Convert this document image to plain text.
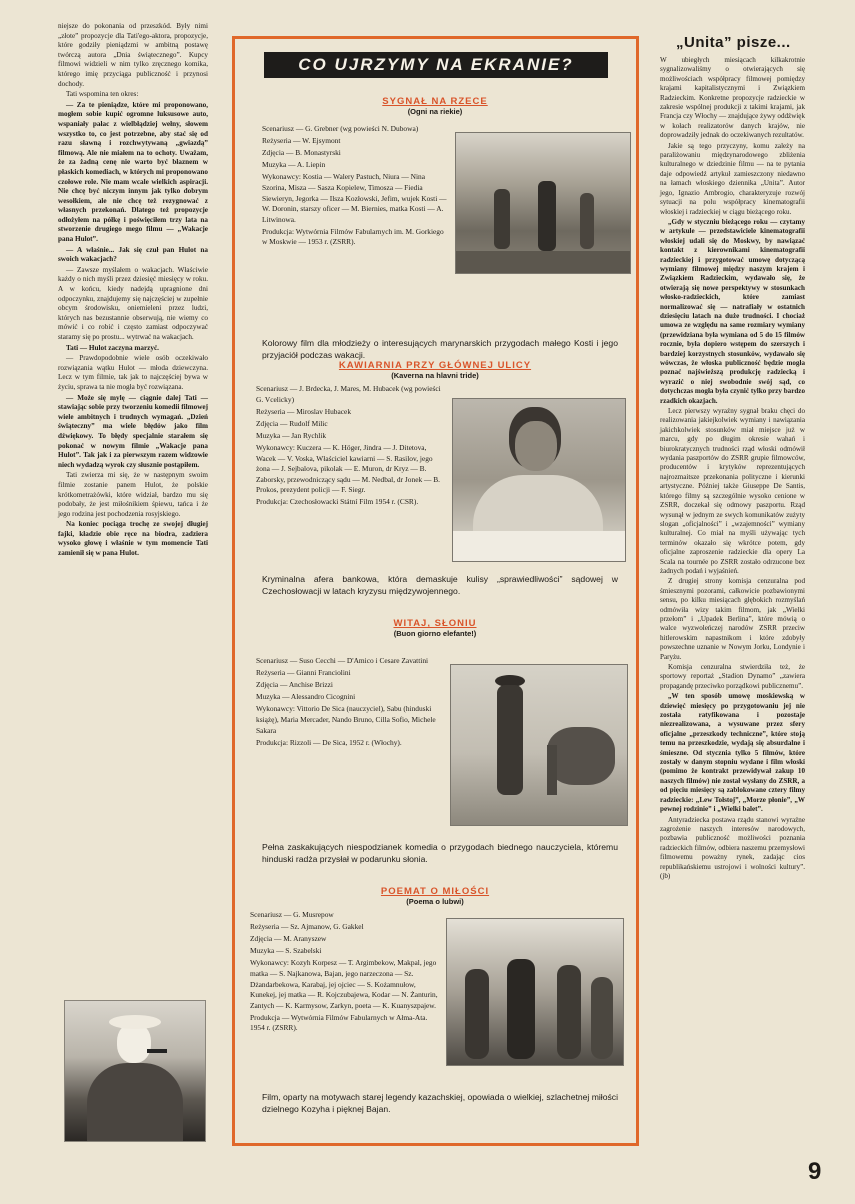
niejsze do pokonania od przeszkód. Były nimi „złote” propozycje dla Tati'ego-aktora, propozycje, które godziły pieniądzmi w ambitną postawę twórczą autora „Dnia świątecznego”. Kupcy filmowi widzieli w nim tylko zręcznego komika, którego imię przyciąga publiczność i przynosi dochody.

Tati wspomina ten okres:

— Za te pieniądze, które mi proponowano, mogłem sobie kupić ogromne luksusowe auto, wspaniały pałac z wielbłądziej wełny, słowem wszystko to, co jest potrzebne, aby stać się od razu sławną i rozchwytywaną „gwiazdą” filmową. Ale nie miałem na to ochoty. Uważam, że za żadną cenę nie warto być błaznem w płaskich komediach, w których mi proponowano czołowe role. Nie mam wcale wielkich aspiracji. Nie chcę być niczym innym jak tylko dobrym wesołkiem, ale nie chcę też rezygnować z własnych przekonań. Dlatego też propozycje odłożyłem na półkę i poświęciłem trzy lata na stworzenie drugiego mego filmu — „Wakacje pana Hulot”.

— A właśnie... Jak się czuł pan Hulot na swoich wakacjach?

— Zawsze myślałem o wakacjach. Właściwie każdy o nich myśli przez dziesięć miesięcy w roku. A w końcu, kiedy nadejdą upragnione dni odpoczynku, znajdujemy się najczęściej w zupełnie obcym środowisku, oniemieleni przez ludzi, których nas bezustannie obserwują, nie wiemy co mówić i co robić i często zamiast odpoczywać staramy się po prostu... wytrwać na wakacjach.

Tati — Hulot zaczyna marzyć.

— Prawdopodobnie wiele osób oczekiwało rozwiązania wątku Hulot — młoda dziewczyna. Lecz w tym filmie, tak jak to najczęściej bywa w życiu, sprawa ta nie mogła być rozwiązana.

— Może się mylę — ciągnie dalej Tati — stawiając sobie przy tworzeniu komedii filmowej wiele ambitnych i trudnych wymagań. „Dzień świąteczny” ma wiele błędów jako film dźwiękowy. To błędy specjalnie starałem się pokonać w nowym filmie „Wakacje pana Hulot”. Tak jak i za pierwszym razem widzowie niech wydadzą wyrok czy słusznie postąpiłem.

Tati zwierza mi się, że w następnym swoim filmie zostanie panem Hulot, że polskie krótkometrażówki, które widział, bardzo mu się podobały, że jest miłośnikiem śpiewu, tańca i że jego rodzina jest pochodzenia rosyjskiego.

Na koniec pociąga trochę ze swojej długiej fajki, kładzie obie ręce na biodra, zadziera wysoko głowę i właśnie w tym momencie Tati zamienił się w pana Hulot.

CO UJRZYMY NA EKRANIE?
SYGNAŁ NA RZECE
(Ogni na riekie)

Scenariusz — G. Grebner (wg powieści N. Dubowa)

Reżyseria — W. Ejsymont

Zdjęcia — B. Monastyrski

Muzyka — A. Liepin

Wykonawcy: Kostia — Walery Pastuch, Niura — Nina Szorina, Misza — Sasza Kopielew, Timosza — Fiedia Siewieryn, Jegorka — Ilsza Kozłowski, Jefim, wujek Kosti — W. Doronin, starszy oficer — M. Biernies, matka Kosti — A. Litwinowa.

Produkcja: Wytwórnia Filmów Fabularnych im. M. Gorkiego w Moskwie — 1953 r. (ZSRR).

Kolorowy film dla młodzieży o interesujących marynarskich przygodach małego Kosti i jego przyjaciół podczas wakacji.
KAWIARNIA PRZY GŁÓWNEJ ULICY
(Kaverna na hlavni tride)

Scenariusz — J. Brdecka, J. Mares, M. Hubacek (wg powieści G. Vcelicky)

Reżyseria — Miroslav Hubacek

Zdjęcia — Rudolf Milic

Muzyka — Jan Rychlik

Wykonawcy: Kuczera — K. Höger, Jindra — J. Ditetova, Wacek — V. Voska, Właściciel kawiarni — S. Rasilov, jego żona — J. Sejbalova, pikolak — E. Muron, dr Kryz — B. Zaborsky, przewodniczący sądu — M. Nedbal, dr Jonek — B. Prokos, prezydent policji — F. Siegr.

Produkcja: Czechosłowacki Státní Film 1954 r. (CSR).

Kryminalna afera bankowa, która demaskuje kulisy „sprawiedliwości” sądowej w Czechosłowacji w latach kryzysu międzywojennego.
WITAJ, SŁONIU
(Buon giorno elefante!)

Scenariusz — Suso Cecchi — D'Amico i Cesare Zavattini

Reżyseria — Gianni Franciolini

Zdjęcia — Anchise Brizzi

Muzyka — Alessandro Cicognini

Wykonawcy: Vittorio De Sica (nauczyciel), Sabu (hinduski książę), Maria Mercader, Nando Bruno, Cilla Sofio, Michele Sakara

Produkcja: Rizzoli — De Sica, 1952 r. (Włochy).

Pełna zaskakujących niespodzianek komedia o przygodach biednego nauczyciela, któremu hinduski radża przysłał w podarunku słonia.
POEMAT O MIŁOŚCI
(Poema o lubwi)

Scenariusz — G. Musrepow

Reżyseria — Sz. Ajmanow, G. Gakkel

Zdjęcia — M. Aranyszew

Muzyka — S. Szabelski

Wykonawcy: Kozyh Korpesz — T. Argimbekow, Makpal, jego matka — S. Najkanowa, Bajan, jego narzeczona — Sz. Dżandarbekowa, Karabaj, jej ojciec — S. Kożamnułow, Kunekej, jej matka — R. Kojczubajewa, Kodar — N. Żanturin, Zantych — K. Karmysow, Zarkyn, poeta — K. Kuanyszpajew.

Produkcja — Wytwórnia Filmów Fabularnych w Ałma-Ata. 1954 r. (ZSRR).

Film, oparty na motywach starej legendy kazachskiej, opowiada o wielkiej, szlachetnej miłości dzielnego Kozyha i pięknej Bajan.
„Unita” pisze...

W ubiegłych miesiącach kilkakrotnie sygnalizowaliśmy o otwierających się możliwościach współpracy filmowej pomiędzy krajami kapitalistycznymi i Związkiem Radzieckim. Konkretne propozycje radzieckie w zakresie wspólnej produkcji z takimi krajami, jak Francja czy Włochy — znajdujące żywy oddźwięk w kołach realizatorów danych krajów, nie doprowadziły jednak do oczekiwanych rezultatów.

Jakie są tego przyczyny, komu zależy na paraliżowaniu międzynarodowego zbliżenia kulturalnego w dziedzinie filmu — na te pytania daje odpowiedź artykuł zamieszczony niedawno na łamach włoskiego dziennika „Unita”. Autor jego, Ignazio Ambrogio, charakteryzuje rozwój sytuacji na polu współpracy kinematografii włoskiej i radzieckiej w ciągu bieżącego roku.

„Gdy w styczniu bieżącego roku — czytamy w artykule — przedstawiciele kinematografii włoskiej udali się do Moskwy, by nawiązać kontakt z kierownikami kinematografii radzieckiej i przygotować umowę dotyczącą wymiany filmowej między naszym krajem i Związkiem Radzieckim, wydawało się, że otwierają się nowe perspektywy w stosunkach włosko-radzieckich, które zamiast normalizować się — natrafiały w ostatnich dziesięciu latach na duże trudności. I chociaż umowa ze względu na same rozmiary wymiany (przewidziana była wymiana od 5 do 15 filmów rocznie, była dopiero wstępem do szerszych i bardziej korzystnych stosunków, wydawało się wówczas, że włoska publiczność będzie mogła poznać najświeższą produkcję radziecką i wyrazić o niej swobodnie swój sąd, co dotychczas mogła była czynić tylko przy bardzo rzadkich okazjach.

Lecz pierwszy wyraźny sygnał braku chęci do realizowania jakiejkolwiek wymiany i nawiązania jakichkolwiek stosunków miał miejsce już w marcu, gdy po długim okresie wahań i biurokratycznych trudności rząd włoski odmówił wydania paszportów do ZSRR grupie filmowców, producentów i krytyków reprezentujących najrozmaitsze przekonania polityczne i kierunki artystyczne. Później także Giuseppe De Santis, którego filmy są szczególnie wysoko cenione w ZSRR, doczekał się odmowy paszportu. Rząd wysunął w jednym ze swych komunikatów zużyty slogan „oficjalności” i „wzajemności” wymiany kulturalnej. Co miał na myśli używając tych terminów okazało się wkrótce potem, gdy oficjalne zaproszenie radzieckie dla opery La Scala na tournée po ZSRR zostało odrzucone bez żadnych podań i wyjaśnień.

Z drugiej strony komisja cenzuralna pod śmiesznymi pozorami, całkowicie pozbawionymi sensu, po kilku miesiącach głębokich rozmyślań odmówiła wizy takim filmom, jak „Wielki przełom” i „Upadek Berlina”, które mówią o walce wyzwoleńczej narodów ZSRR przeciw hitlerowskim napastnikom i które zdobyły powszechne uznanie w Nowym Jorku, Londynie i Paryżu.

Komisja cenzuralna stwierdziła też, że sportowy reportaż „Stadion Dynamo” „zawiera propagandę przeciwko porządkowi publicznemu”.

„W ten sposób umowę moskiewską w dziewięć miesięcy po przygotowaniu jej nie została ratyfikowana i pozostaje niezrealizowana, a wysuwane przez sfery oficjalne „przeszkody techniczne”, które stoją temu na przeszkodzie, wydają się absurdalne i śmieszne. Od stycznia tylko 5 filmów, które zostały w danym stopniu wydane i film włoski (pomimo że kontrakt przewidywał zakup 10 naszych filmów) nie został wysłany do ZSRR, a od pięciu miesięcy są zablokowane cztery filmy radzieckie: „Lew Tołstoj”, „Morze płonie”, „W pewnej rodzinie” i „Wielki balet”.

Antyradziecka postawa rządu stanowi wyraźne zagrożenie naszych interesów narodowych, pozbawia publiczność możliwości poznania radzieckich filmów, odbiera naszemu przemysłowi filmowemu poważny rynek, zadając cios republikańskiemu ustrojowi i wolności kultury”. (jb)

9
